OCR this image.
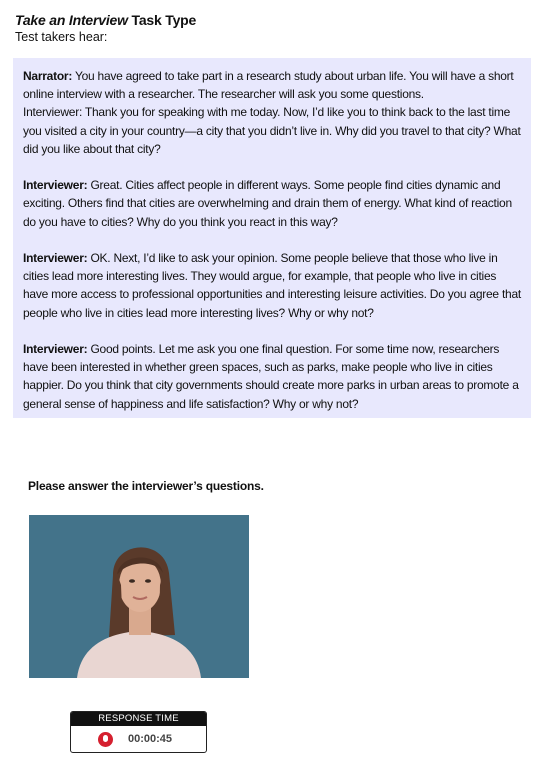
Take an Interview Task Type
Test takers hear:
Narrator: You have agreed to take part in a research study about urban life. You will have a short online interview with a researcher. The researcher will ask you some questions.
Interviewer: Thank you for speaking with me today. Now, I’d like you to think back to the last time you visited a city in your country—a city that you didn’t live in. Why did you travel to that city? What did you like about that city?
Interviewer: Great. Cities affect people in different ways. Some people find cities dynamic and exciting. Others find that cities are overwhelming and drain them of energy. What kind of reaction do you have to cities? Why do you think you react in this way?
Interviewer: OK. Next, I’d like to ask your opinion. Some people believe that those who live in cities lead more interesting lives. They would argue, for example, that people who live in cities have more access to professional opportunities and interesting leisure activities. Do you agree that people who live in cities lead more interesting lives? Why or why not?
Interviewer: Good points. Let me ask you one final question. For some time now, researchers have been interested in whether green spaces, such as parks, make people who live in cities happier. Do you think that city governments should create more parks in urban areas to promote a general sense of happiness and life satisfaction? Why or why not?
Please answer the interviewer’s questions.
RESPONSE TIME
00:00:45
